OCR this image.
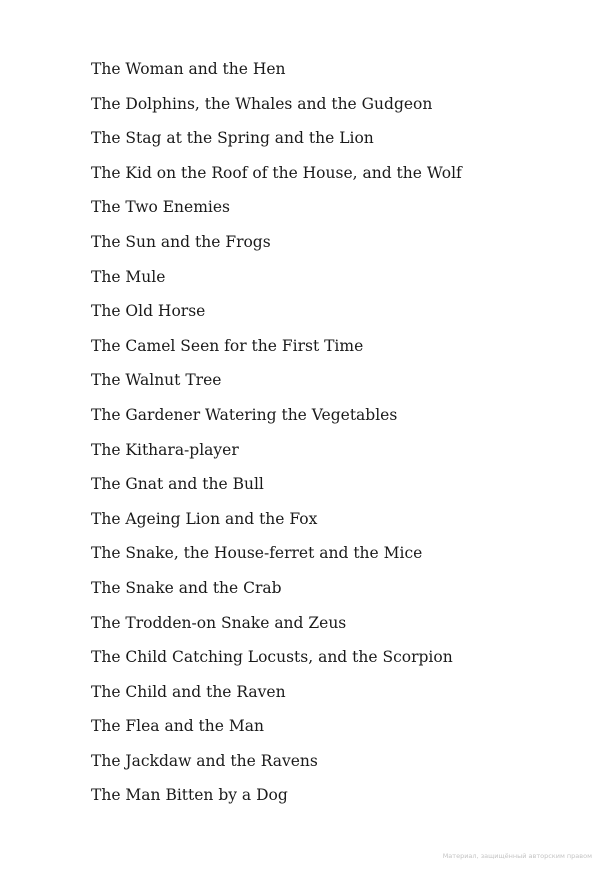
The Woman and the Hen
The Dolphins, the Whales and the Gudgeon
The Stag at the Spring and the Lion
The Kid on the Roof of the House, and the Wolf
The Two Enemies
The Sun and the Frogs
The Mule
The Old Horse
The Camel Seen for the First Time
The Walnut Tree
The Gardener Watering the Vegetables
The Kithara-player
The Gnat and the Bull
The Ageing Lion and the Fox
The Snake, the House-ferret and the Mice
The Snake and the Crab
The Trodden-on Snake and Zeus
The Child Catching Locusts, and the Scorpion
The Child and the Raven
The Flea and the Man
The Jackdaw and the Ravens
The Man Bitten by a Dog
Материал, защищённый авторским правом
